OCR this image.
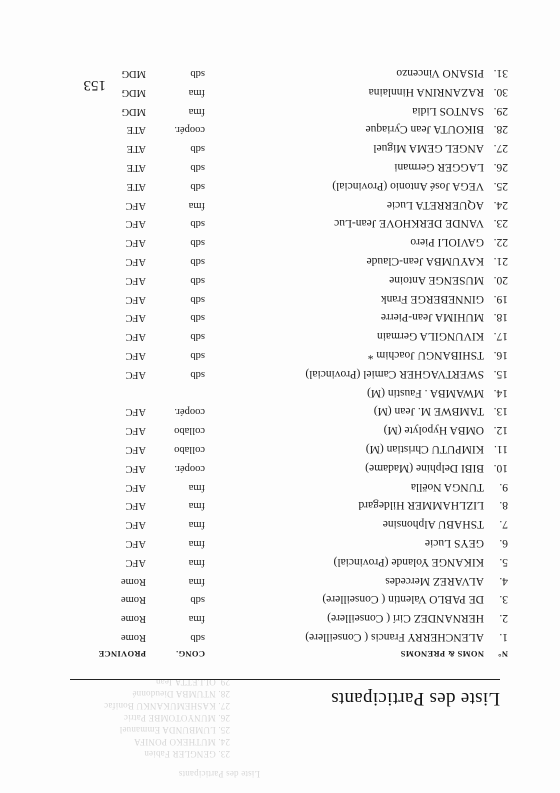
Liste des Participants
23. GENGLER Fabien
24. MUTHEKO PONIFA
25. LUMBUNDA Emmanuel
26. MUNYOTOMBE Patric
27. KASHEMUKANKU Bonifac
28. NTUMBA Dieudonné
29. OLLETTA Jean
Liste des Participants
N°
NOMS & PRENOMS
CONG.
PROVINCE
1.
ALENCHERRY Francis ( Conseillere)
sdb
Rome
2.
HERNANDEZ Cirí ( Conseillere)
fma
Rome
3.
DE PABLO Valentin ( Conseillere)
sdb
Rome
4.
ALVAREZ Mercedes
fma
Rome
5.
KIKANGE Yolande (Provincial)
fma
AFC
6.
GEYS Lucie
fma
AFC
7.
TSHABU Alphonsine
fma
AFC
8.
LIZLHAMMER Hildegard
fma
AFC
9.
TUNGA Noëlla
fma
AFC
10.
BIBI Delphine (Madame)
coopér.
AFC
11.
KIMPUTU Christian (M)
collabo
AFC
12.
OMBA Hypolyte (M)
collabo
AFC
13.
TAMBWE M. Jean (M)
coopér.
AFC
14.
MWAMBA . Faustin (M)
15.
SWERTVAGHER Camiel (Provincial)
sdb
AFC
16.
TSHIBANGU Joachim *
sdb
AFC
17.
KIVUNGILA Germain
sdb
AFC
18.
MUHIMA Jean-Pierre
sdb
AFC
19.
GINNEBERGE Frank
sdb
AFC
20.
MUSENGE Antoine
sdb
AFC
21.
KAYUMBA Jean-Claude
sdb
AFC
22.
GAVIOLI Piero
sdb
AFC
23.
VANDE DERKHOVE Jean-Luc
sdb
AFC
24.
AQUERRETA Lucie
fma
AFC
25.
VEGA José Antonio (Provincial)
sdb
ATE
26.
LAGGER Germani
sdb
ATE
27.
ANGEL GEMA Miguel
sdb
ATE
28.
BIKOUTA Jean Cyriaque
coopér.
ATE
29.
SANTOS Lidia
fma
MDG
30.
RAZANRINA Hinnlaina
fma
MDG
31.
PISANO Vincenzo
sdb
MDG
153
